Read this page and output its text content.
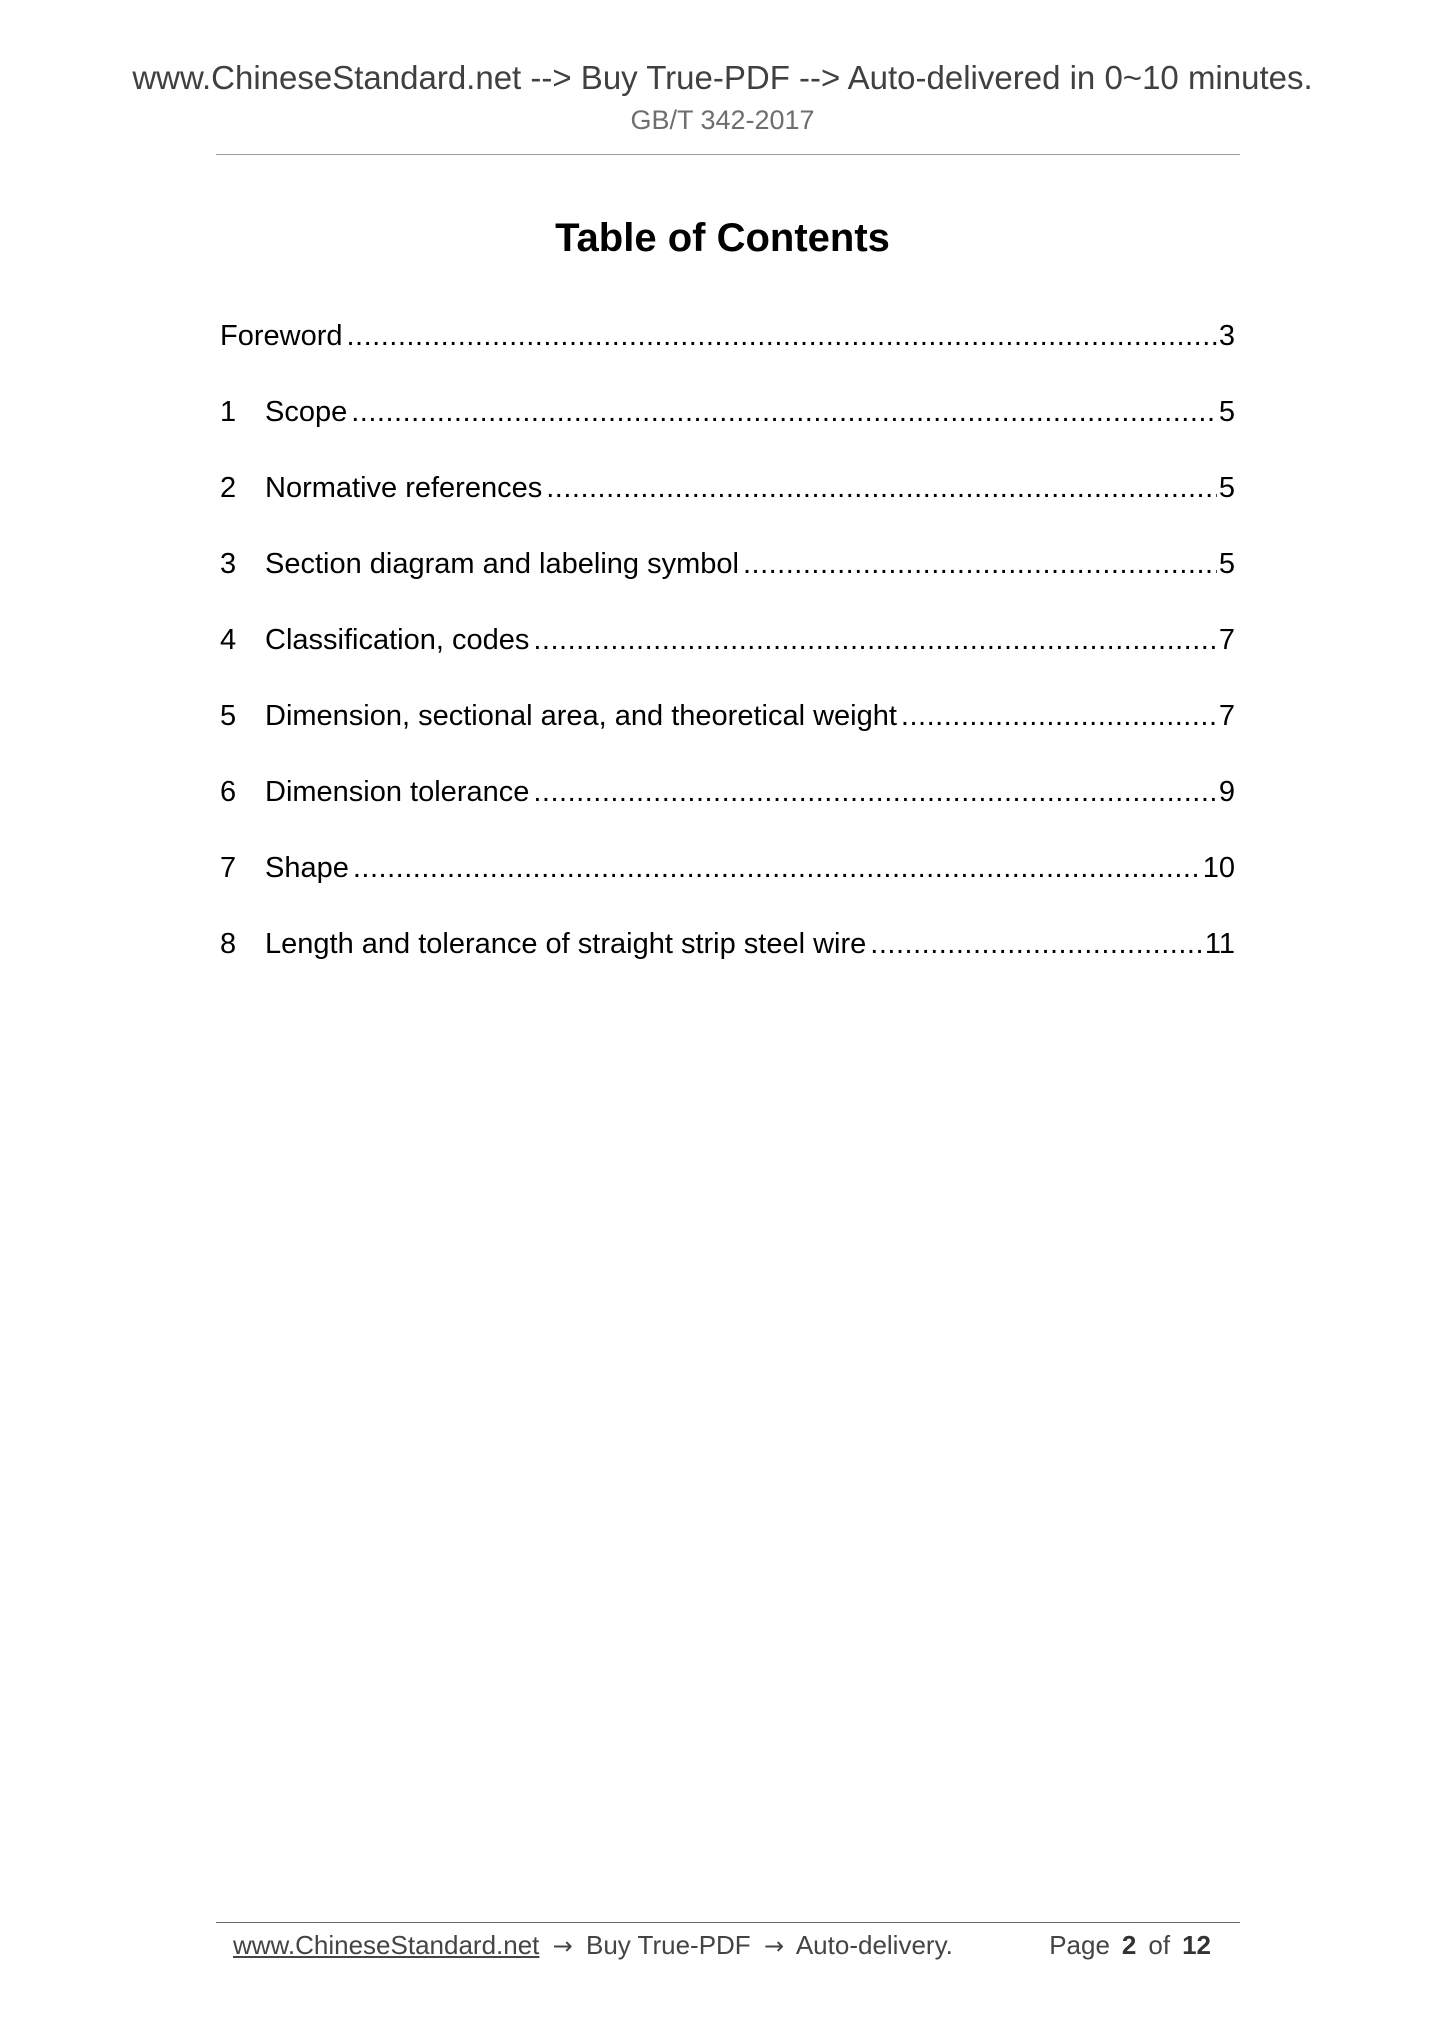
www.ChineseStandard.net --> Buy True-PDF --> Auto-delivered in 0~10 minutes.
GB/T 342-2017
Table of Contents
Foreword .....	3
1 Scope .....	5
2 Normative references .....	5
3 Section diagram and labeling symbol .....	5
4 Classification, codes .....	7
5 Dimension, sectional area, and theoretical weight .....	7
6 Dimension tolerance .....	9
7 Shape .....	10
8 Length and tolerance of straight strip steel wire .....	11
www.ChineseStandard.net → Buy True-PDF → Auto-delivery.	Page 2 of 12
